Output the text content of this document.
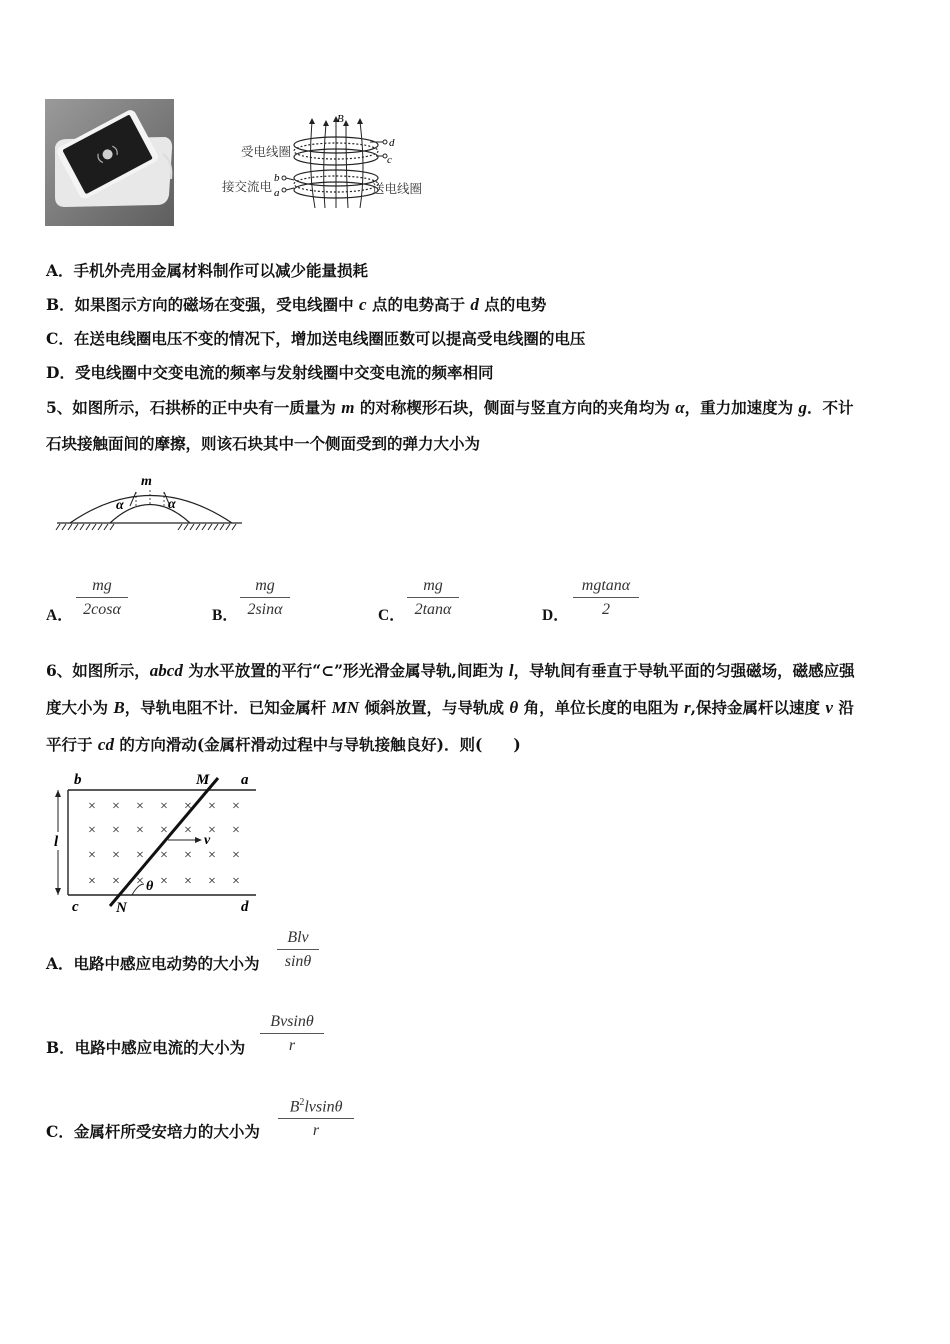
B
d
c
b
a
受电线圈
接交流电	送电线圈
A．手机外壳用金属材料制作可以减少能量损耗
B．如果图示方向的磁场在变强，受电线圈中 c 点的电势高于 d 点的电势
C．在送电线圈电压不变的情况下，增加送电线圈匝数可以提高受电线圈的电压
D．受电线圈中交变电流的频率与发射线圈中交变电流的频率相同
5、如图所示，石拱桥的正中央有一质量为 m 的对称楔形石块，侧面与竖直方向的夹角均为 α，重力加速度为 g．不计
石块接触面间的摩擦，则该石块其中一个侧面受到的弹力大小为
m
α	α
A．
mg
2cosα	B．
mg
2sinα	C．
mg
2tanα	D．
mgtanα
2
6、如图所示，abcd 为水平放置的平行“⊂”形光滑金属导轨,间距为 l，导轨间有垂直于导轨平面的匀强磁场，磁感应强
度大小为 B，导轨电阻不计．已知金属杆 MN 倾斜放置，与导轨成 θ 角，单位长度的电阻为 r,保持金属杆以速度 v 沿
平行于 cd 的方向滑动(金属杆滑动过程中与导轨接触良好)．则(　　)
l
× × × × × × ×
× × × × × × ×
× × × × × × ×
× × × × × × ×
b	M a
c N	d
v
θ
A．电路中感应电动势的大小为
Blv
sinθ
B．电路中感应电流的大小为
Bvsinθ
r
C．金属杆所受安培力的大小为
$B^2lvsin\theta$
r
